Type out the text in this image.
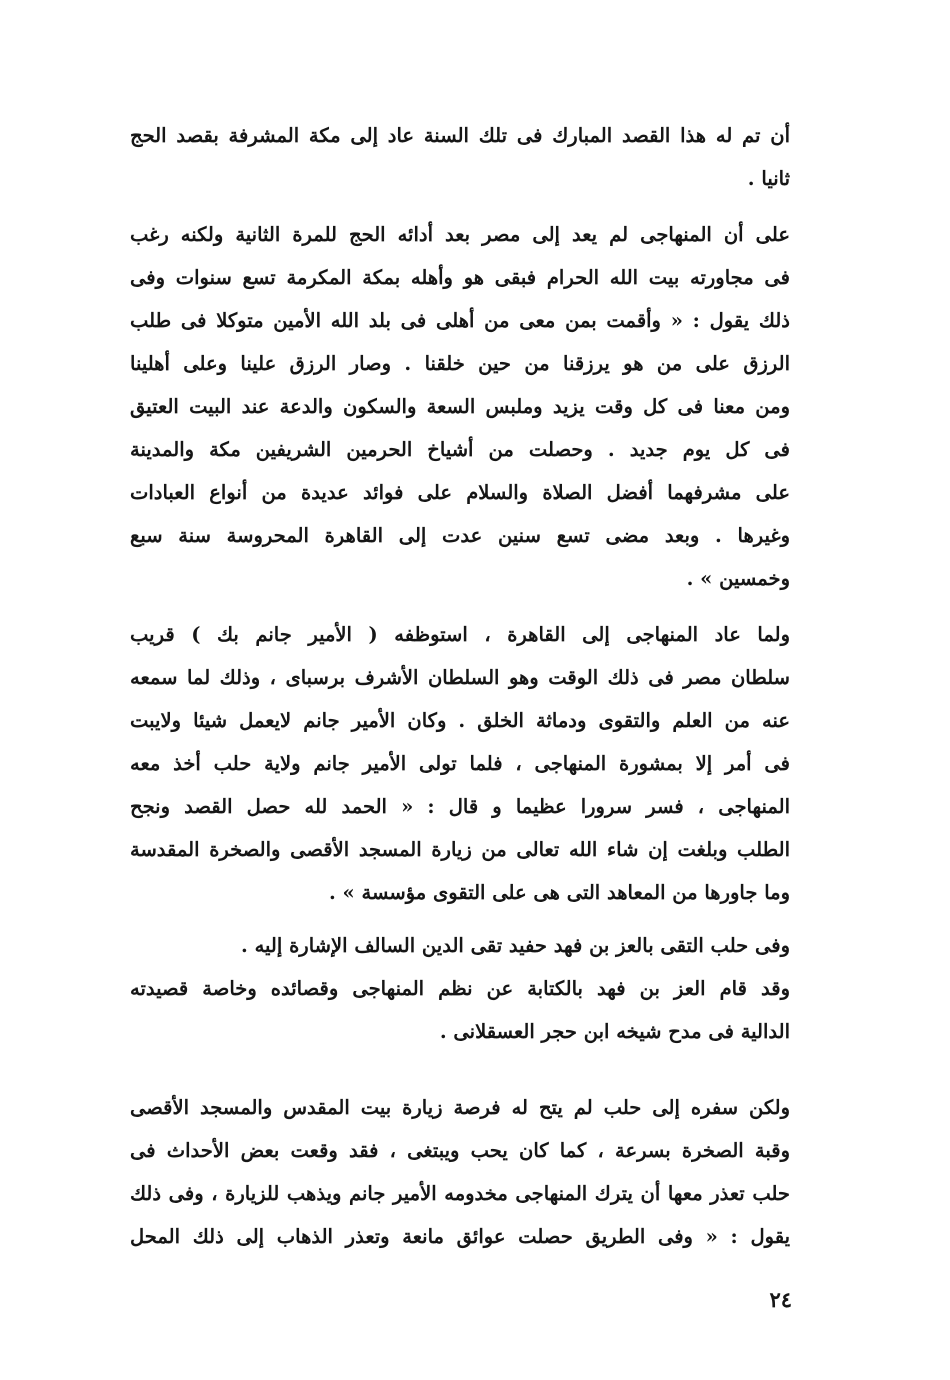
أن تم له هذا القصد المبارك فى تلك السنة عاد إلى مكة المشرفة بقصد الحج
ثانيا .
على أن المنهاجى لم يعد إلى مصر بعد أدائه الحج للمرة الثانية ولكنه رغب
فى مجاورته بيت الله الحرام فبقى هو وأهله بمكة المكرمة تسع سنوات وفى
ذلك يقول : « وأقمت بمن معى من أهلى فى بلد الله الأمين متوكلا فى طلب
الرزق على من هو يرزقنا من حين خلقنا . وصار الرزق علينا وعلى أهلينا
ومن معنا فى كل وقت يزيد وملبس السعة والسكون والدعة عند البيت العتيق
فى كل يوم جديد . وحصلت من أشياخ الحرمين الشريفين مكة والمدينة
على مشرفهما أفضل الصلاة والسلام على فوائد عديدة من أنواع العبادات
وغيرها . وبعد مضى تسع سنين عدت إلى القاهرة المحروسة سنة سبع
وخمسين » .
ولما عاد المنهاجى إلى القاهرة ، استوظفه ( الأمير جانم بك ) قريب
سلطان مصر فى ذلك الوقت وهو السلطان الأشرف برسباى ، وذلك لما سمعه
عنه من العلم والتقوى ودماثة الخلق . وكان الأمير جانم لايعمل شيئا ولايبت
فى أمر إلا بمشورة المنهاجى ، فلما تولى الأمير جانم ولاية حلب أخذ معه
المنهاجى ، فسر سرورا عظيما و قال : « الحمد لله حصل القصد ونجح
الطلب وبلغت إن شاء الله تعالى من زيارة المسجد الأقصى والصخرة المقدسة
وما جاورها من المعاهد التى هى على التقوى مؤسسة » .
وفى حلب التقى بالعز بن فهد حفيد تقى الدين السالف الإشارة إليه .
وقد قام العز بن فهد بالكتابة عن نظم المنهاجى وقصائده وخاصة قصيدته
الدالية فى مدح شيخه ابن حجر العسقلانى .
ولكن سفره إلى حلب لم يتح له فرصة زيارة بيت المقدس والمسجد الأقصى
وقبة الصخرة بسرعة ، كما كان يحب ويبتغى ، فقد وقعت بعض الأحداث فى
حلب تعذر معها أن يترك المنهاجى مخدومه الأمير جانم ويذهب للزيارة ، وفى ذلك
يقول : « وفى الطريق حصلت عوائق مانعة وتعذر الذهاب إلى ذلك المحل
٢٤
